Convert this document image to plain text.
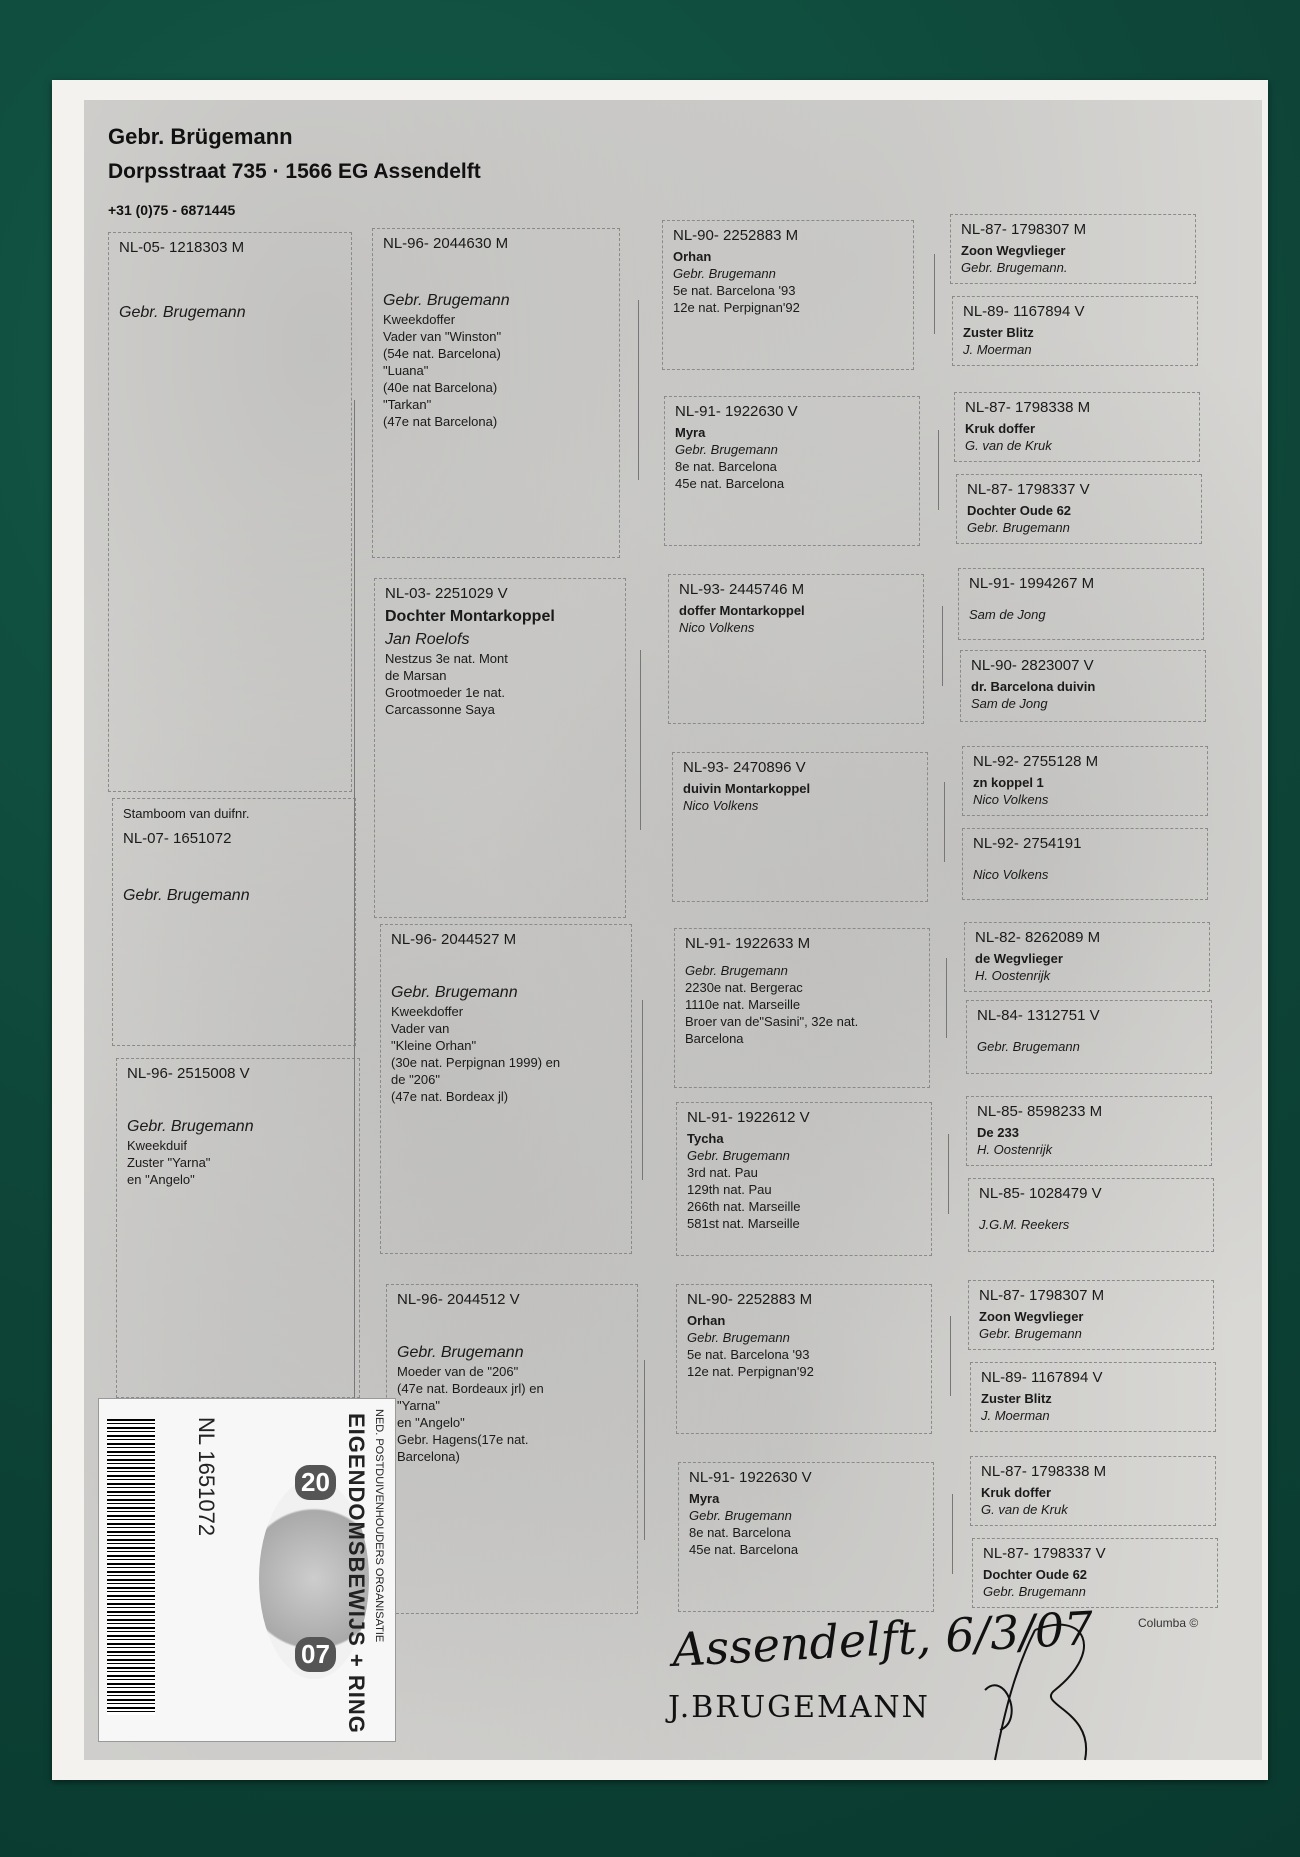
Gebr. Brügemann
Dorpsstraat 735 · 1566 EG Assendelft
+31 (0)75 - 6871445
NL-05- 1218303 M
Gebr. Brugemann
Stamboom van duifnr.
NL-07- 1651072
Gebr. Brugemann
NL-96- 2515008 V
Gebr. Brugemann
Kweekduif
Zuster "Yarna"
en "Angelo"
NL-96- 2044630 M
Gebr. Brugemann
Kweekdoffer
Vader van "Winston"
(54e nat. Barcelona)
"Luana"
(40e nat Barcelona)
"Tarkan"
(47e nat Barcelona)
NL-03- 2251029 V
Dochter Montarkoppel
Jan Roelofs
Nestzus 3e nat. Mont
de Marsan
Grootmoeder 1e nat.
Carcassonne Saya
NL-96- 2044527 M
Gebr. Brugemann
Kweekdoffer
Vader van
"Kleine Orhan"
(30e nat. Perpignan 1999) en
de "206"
(47e nat. Bordeax jl)
NL-96- 2044512 V
Gebr. Brugemann
Moeder van de "206"
(47e nat. Bordeaux jrl) en
"Yarna"
en "Angelo"
Gebr. Hagens(17e nat.
Barcelona)
NL-90- 2252883 M
Orhan
Gebr. Brugemann
5e nat. Barcelona '93
12e nat. Perpignan'92
NL-91- 1922630 V
Myra
Gebr. Brugemann
8e nat. Barcelona
45e nat. Barcelona
NL-93- 2445746 M
doffer Montarkoppel
Nico Volkens
NL-93- 2470896 V
duivin Montarkoppel
Nico Volkens
NL-91- 1922633 M
Gebr. Brugemann
2230e nat. Bergerac
1110e nat. Marseille
Broer van de"Sasini", 32e nat.
Barcelona
NL-91- 1922612 V
Tycha
Gebr. Brugemann
3rd nat. Pau
129th nat. Pau
266th nat. Marseille
581st nat. Marseille
NL-90- 2252883 M
Orhan
Gebr. Brugemann
5e nat. Barcelona '93
12e nat. Perpignan'92
NL-91- 1922630 V
Myra
Gebr. Brugemann
8e nat. Barcelona
45e nat. Barcelona
NL-87- 1798307 M
Zoon Wegvlieger
Gebr. Brugemann.
NL-89- 1167894 V
Zuster Blitz
J. Moerman
NL-87- 1798338 M
Kruk doffer
G. van de Kruk
NL-87- 1798337 V
Dochter Oude 62
Gebr. Brugemann
NL-91- 1994267 M
Sam de Jong
NL-90- 2823007 V
dr. Barcelona duivin
Sam de Jong
NL-92- 2755128 M
zn koppel 1
Nico Volkens
NL-92- 2754191
Nico Volkens
NL-82- 8262089 M
de Wegvlieger
H. Oostenrijk
NL-84- 1312751 V
Gebr. Brugemann
NL-85- 8598233 M
De 233
H. Oostenrijk
NL-85- 1028479 V
J.G.M. Reekers
NL-87- 1798307 M
Zoon Wegvlieger
Gebr. Brugemann
NL-89- 1167894 V
Zuster Blitz
J. Moerman
NL-87- 1798338 M
Kruk doffer
G. van de Kruk
NL-87- 1798337 V
Dochter Oude 62
Gebr. Brugemann
NED. POSTDUIVENHOUDERS ORGANISATIE
EIGENDOMSBEWIJS + RING
NL 1651072	20
07	Assendelft, 6/3/07
J.BRUGEMANN
Columba ©
